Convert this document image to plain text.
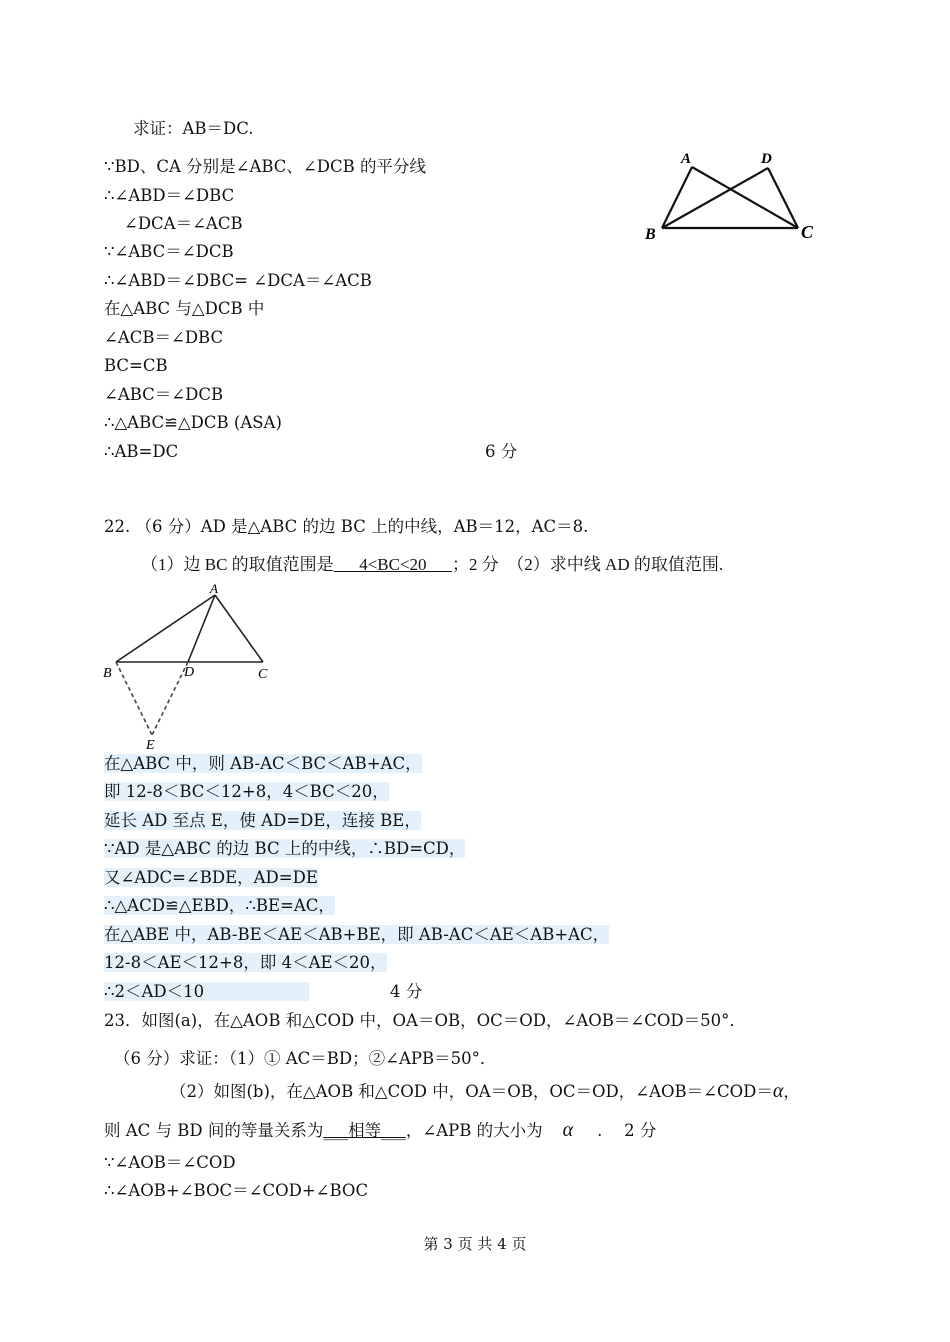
求证：AB＝DC.
∵BD、CA 分别是∠ABC、∠DCB 的平分线
∴∠ABD＝∠DBC
∠DCA＝∠ACB
∵∠ABC＝∠DCB
∴∠ABD＝∠DBC= ∠DCA＝∠ACB
在△ABC 与△DCB 中
∠ACB＝∠DBC
BC=CB
∠ABC＝∠DCB
∴△ABC≌△DCB (ASA)
∴AB=DC	6 分
A	D
B	C
22. （6 分）AD 是△ABC 的边 BC 上的中线，AB＝12，AC＝8.
（1）边 BC 的取值范围是___4<BC<20___；2 分　（2）求中线 AD 的取值范围.
A
B	D	C
E
在△ABC 中，则 AB-AC＜BC＜AB+AC，
即 12-8＜BC＜12+8，4＜BC＜20，
延长 AD 至点 E，使 AD=DE，连接 BE，
∵AD 是△ABC 的边 BC 上的中线，∴BD=CD，
又∠ADC=∠BDE，AD=DE
∴△ACD≌△EBD，∴BE=AC，
在△ABE 中，AB-BE＜AE＜AB+BE，即 AB-AC＜AE＜AB+AC，
12-8＜AE＜12+8，即 4＜AE＜20，
∴2＜AD＜10	4 分
23．如图(a)，在△AOB 和△COD 中，OA＝OB，OC＝OD，∠AOB＝∠COD＝50°．
（6 分）求证：（1）① AC＝BD；②∠APB＝50°．
（2）如图(b)，在△AOB 和△COD 中，OA＝OB，OC＝OD，∠AOB＝∠COD＝α，
则 AC 与 BD 间的等量关系为___相等___，∠APB 的大小为 α .　 2 分
∵∠AOB＝∠COD
∴∠AOB+∠BOC＝∠COD+∠BOC
第 3 页 共 4 页
